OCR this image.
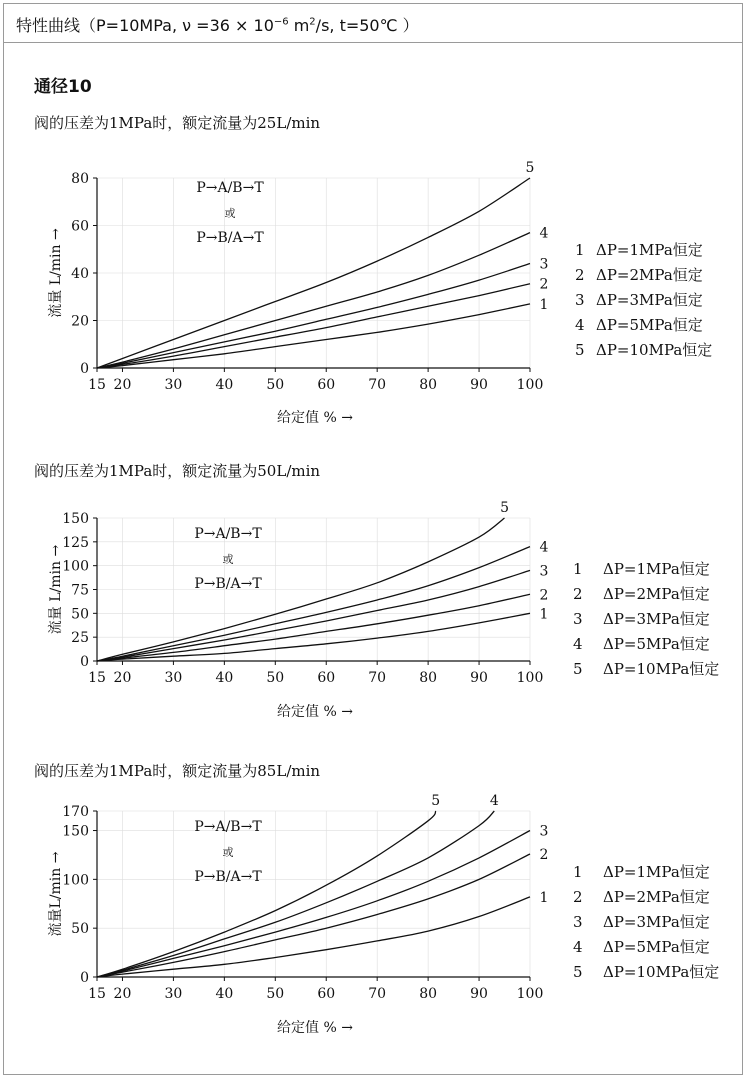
特性曲线（P=10MPa, $\nu =36 \times 10^{-6}$ $m^2/s$, t=50℃ ）
通径10
阀的压差为1MPa时，额定流量为25L/min
0
20
40
60
80
15 20 30 40 50 60 70 80 90 100
给定值 % →
流量 L/min →
P→A/B→T
或
P→B/A→T
1
2
3
4
5
1 ΔP=1MPa恒定
2 ΔP=2MPa恒定
3 ΔP=3MPa恒定
4 ΔP=5MPa恒定
5 ΔP=10MPa恒定
阀的压差为1MPa时，额定流量为50L/min
0
25
50
75
100
125
150
15 20 30 40 50 60 70 80 90 100
给定值 % →
流量 L/min →
P→A/B→T
或
P→B/A→T
1
2
3
4
5
1 ΔP=1MPa恒定
2 ΔP=2MPa恒定
3 ΔP=3MPa恒定
4 ΔP=5MPa恒定
5 ΔP=10MPa恒定
阀的压差为1MPa时，额定流量为85L/min
0
50
100
150
170
15 20 30 40 50 60 70 80 90 100
给定值 % →
流量L/min →
P→A/B→T
或
P→B/A→T
1
2
3
4
5
1 ΔP=1MPa恒定
2 ΔP=2MPa恒定
3 ΔP=3MPa恒定
4 ΔP=5MPa恒定
5 ΔP=10MPa恒定
